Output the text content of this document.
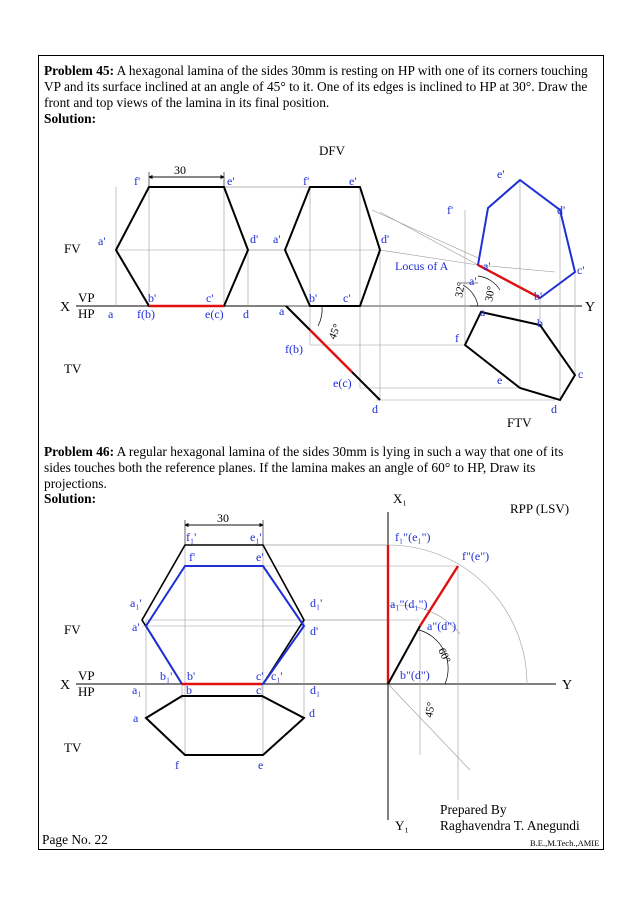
Problem 45: A hexagonal lamina of the sides 30mm is resting on HP with one of its corners touching VP and its surface inclined at an angle of 45° to it. One of its edges is inclined to HP at 30°. Draw the front and top views of the lamina in its final position.
Solution:
Problem 46: A regular hexagonal lamina of the sides 30mm is lying in such a way that one of its sides touches both the reference planes. If the lamina makes an angle of 60° to HP, Draw its projections.
Solution:
DFV
FTV
FV
TV
VP
HP
X	Y
30
Locus of A
45°
32° 30°
f'	e'
a'	d'
b'	c'
a f(b)	e(c) d
f'	e'
a'	d'
b' c'
a
f(b)
e(c)
d
e'
f'	d'
a'
a'
c'
b'
a
b
f
c
e
d
RPP (LSV)
FV
TV
VP
HP
X	Y
X₁
Y₁
30
60°
45°
f₁'	e₁'
f'	e'
a₁'
a'
d₁'
d'
b₁' b'	c' c₁'
a₁	b	c	d₁
a	d
f	e
f₁"(e₁")
f"(e")
a₁"(d₁")
a"(d")
b"(d")
Prepared By
Raghavendra T. Anegundi
Page No. 22	B.E.,M.Tech.,AMIE
